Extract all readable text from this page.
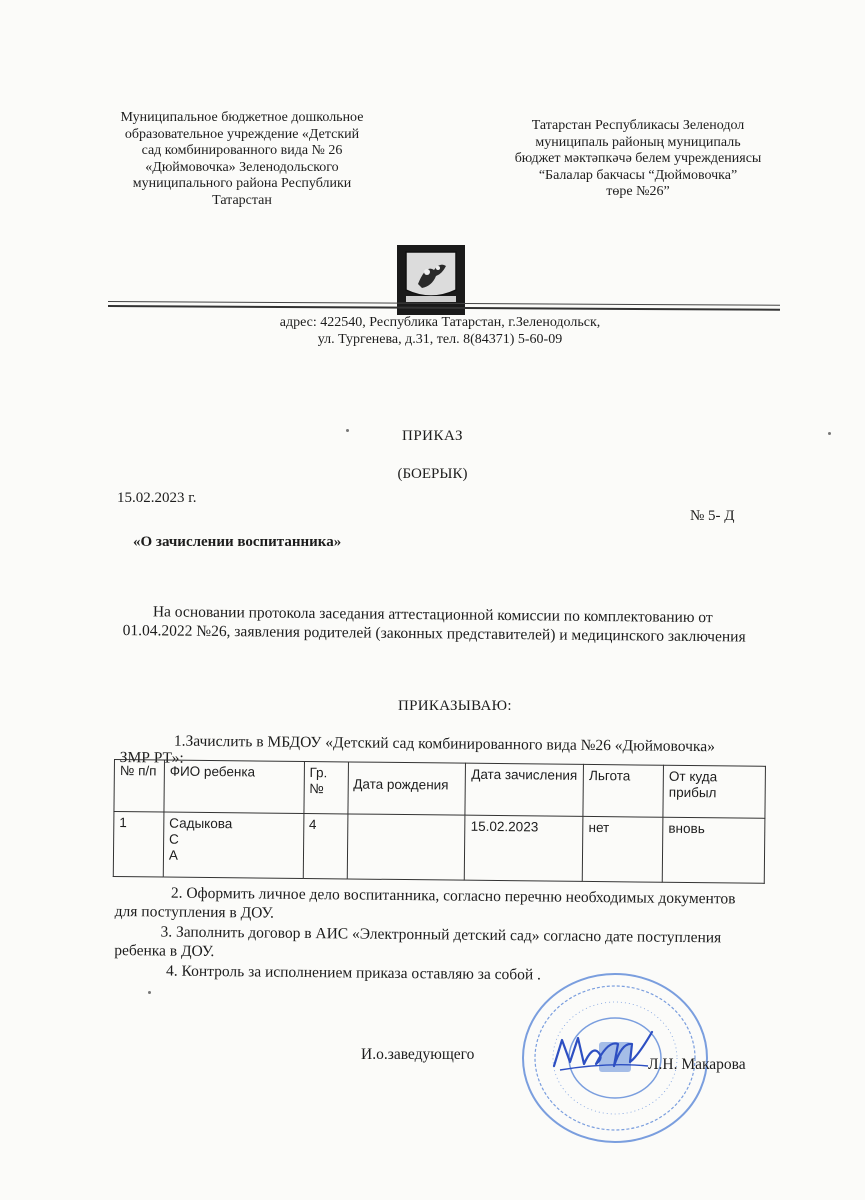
Муниципальное бюджетное дошкольное
образовательное учреждение «Детский
сад комбинированного вида № 26
«Дюймовочка» Зеленодольского
муниципального района Республики
Татарстан
Татарстан Республикасы Зеленодол
муниципаль районың муниципаль
бюджет мәктәпкәчә белем учреждениясы
“Балалар бакчасы “Дюймовочка”
төре №26”
адрес: 422540, Республика Татарстан, г.Зеленодольск,
ул. Тургенева, д.31, тел. 8(84371) 5-60-09
ПРИКАЗ
(БОЕРЫК)
15.02.2023 г.
№ 5- Д
«О зачислении воспитанника»
На основании протокола заседания аттестационной комиссии по комплектованию от 01.04.2022 №26, заявления родителей (законных представителей) и медицинского заключения
ПРИКАЗЫВАЮ:
1.Зачислить в МБДОУ «Детский сад комбинированного вида №26 «Дюймовочка» ЗМР РТ»:
№ п/п	ФИО ребенка	Гр. №	Дата рождения	Дата зачисления	Льгота	От куда прибыл
1	Садыкова
С
А	4		15.02.2023	нет	вновь

2. Оформить личное дело воспитанника, согласно перечню необходимых документов для поступления в ДОУ.

3. Заполнить договор в АИС «Электронный детский сад» согласно дате поступления ребенка в ДОУ.

4. Контроль за исполнением приказа оставляю за собой .

И.о.заведующего
Л.Н. Макарова
